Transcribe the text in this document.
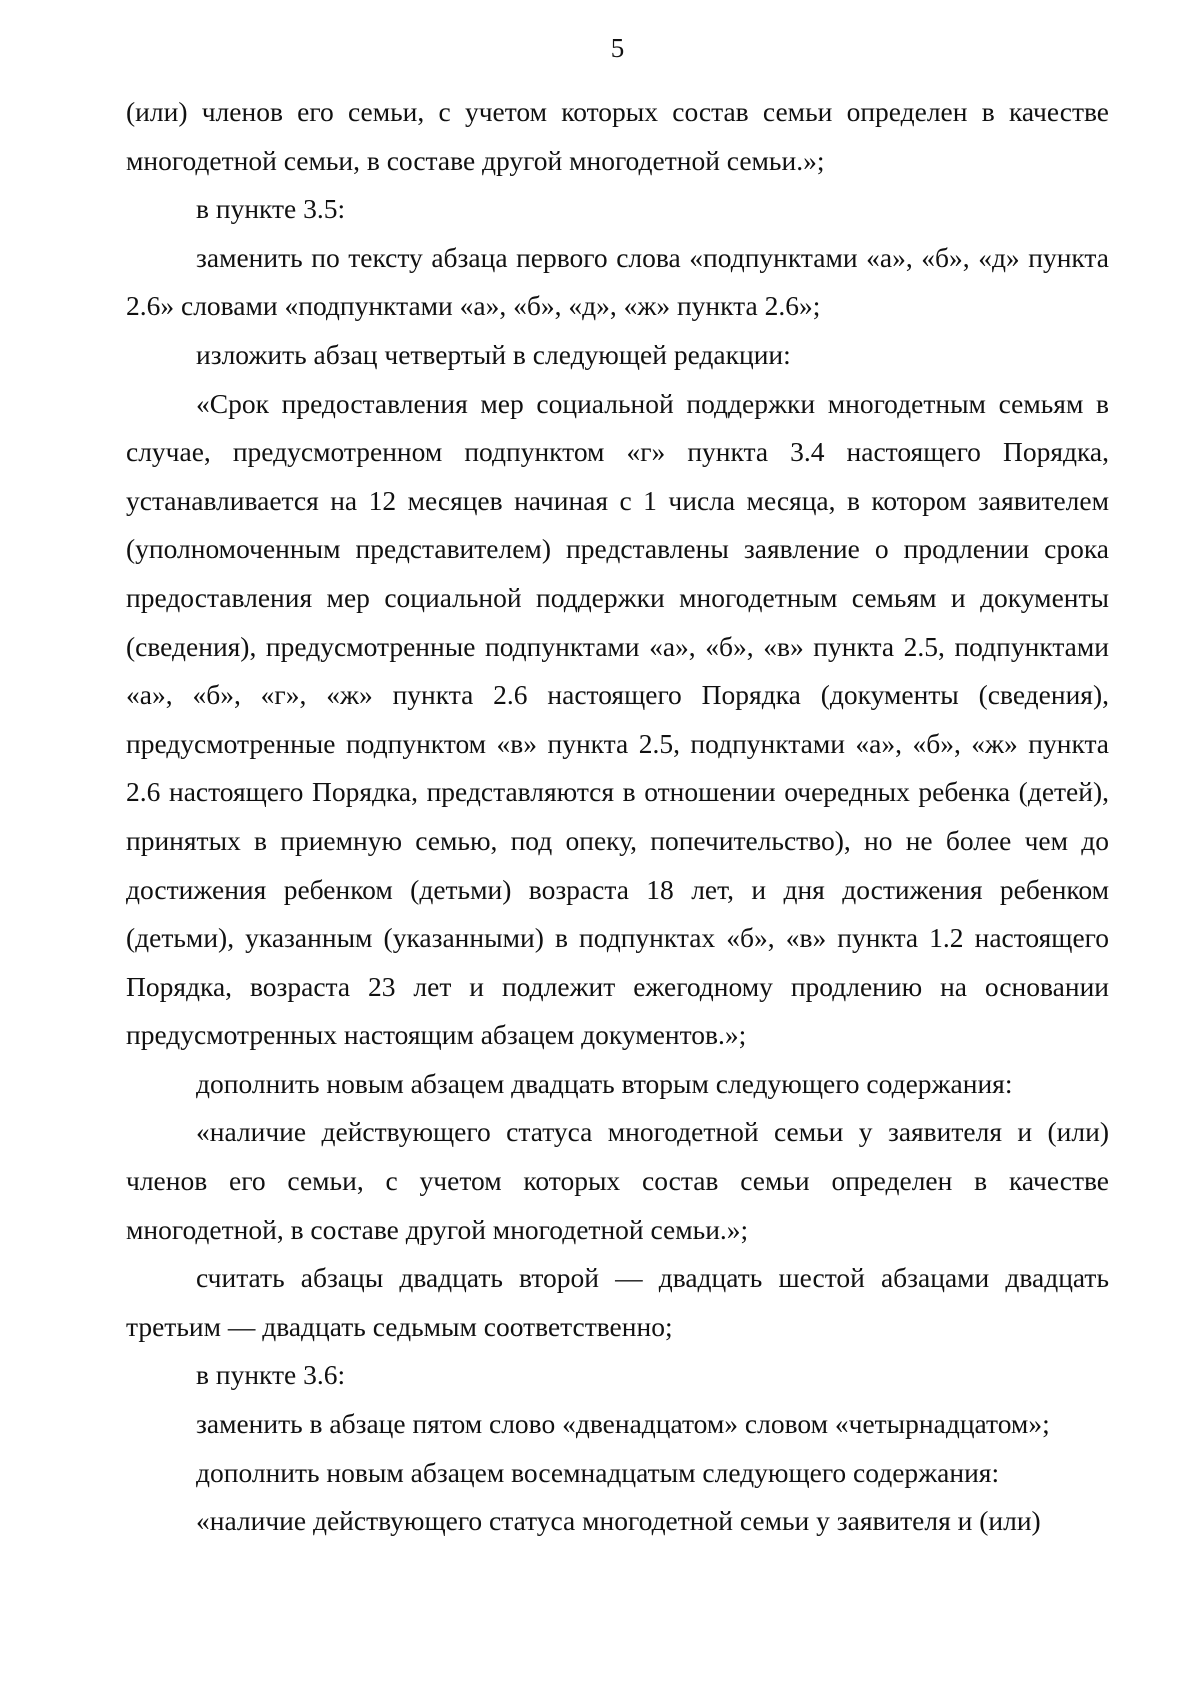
5

(или) членов его семьи, с учетом которых состав семьи определен в качестве многодетной семьи, в составе другой многодетной семьи.»;

в пункте 3.5:

заменить по тексту абзаца первого слова «подпунктами «а», «б», «д» пункта 2.6» словами «подпунктами «а», «б», «д», «ж» пункта 2.6»;

изложить абзац четвертый в следующей редакции:

«Срок предоставления мер социальной поддержки многодетным семьям в случае, предусмотренном подпунктом «г» пункта 3.4 настоящего Порядка, устанавливается на 12 месяцев начиная с 1 числа месяца, в котором заявителем (уполномоченным представителем) представлены заявление о продлении срока предоставления мер социальной поддержки многодетным семьям и документы (сведения), предусмотренные подпунктами «а», «б», «в» пункта 2.5, подпунктами «а», «б», «г», «ж» пункта 2.6 настоящего Порядка (документы (сведения), предусмотренные подпунктом «в» пункта 2.5, подпунктами «а», «б», «ж» пункта 2.6 настоящего Порядка, представляются в отношении очередных ребенка (детей), принятых в приемную семью, под опеку, попечительство), но не более чем до достижения ребенком (детьми) возраста 18 лет, и дня достижения ребенком (детьми), указанным (указанными) в подпунктах «б», «в» пункта 1.2 настоящего Порядка, возраста 23 лет и подлежит ежегодному продлению на основании предусмотренных настоящим абзацем документов.»;

дополнить новым абзацем двадцать вторым следующего содержания:

«наличие действующего статуса многодетной семьи у заявителя и (или) членов его семьи, с учетом которых состав семьи определен в качестве многодетной, в составе другой многодетной семьи.»;

считать абзацы двадцать второй — двадцать шестой абзацами двадцать третьим — двадцать седьмым соответственно;

в пункте 3.6:

заменить в абзаце пятом слово «двенадцатом» словом «четырнадцатом»;

дополнить новым абзацем восемнадцатым следующего содержания:

«наличие действующего статуса многодетной семьи у заявителя и (или)
